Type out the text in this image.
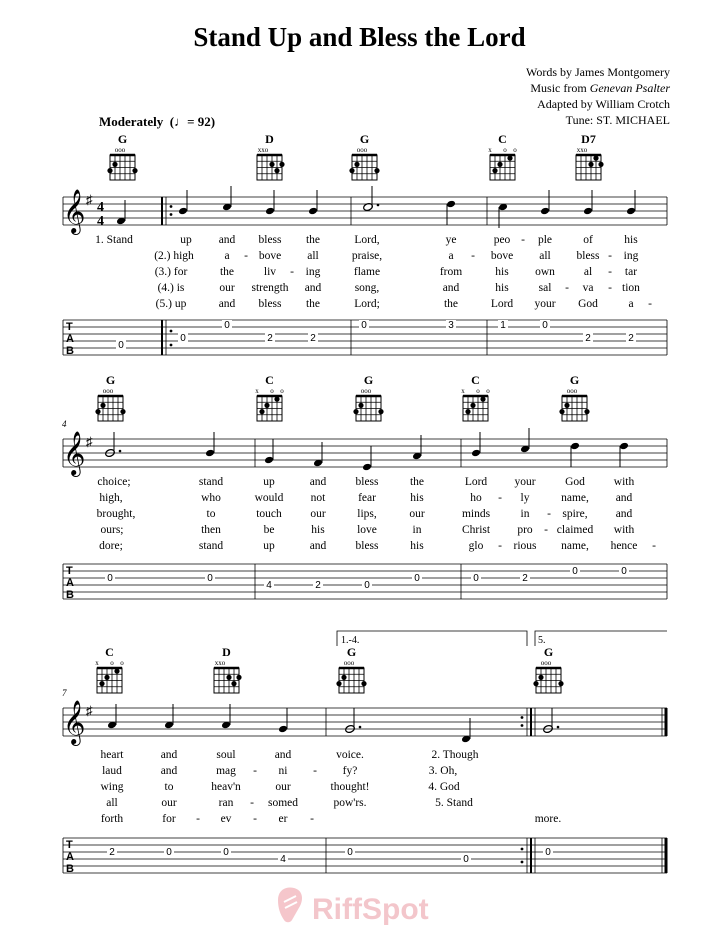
Stand Up and Bless the Lord
Words by James Montgomery
Music from Genevan Psalter
Adapted by William Crotch
Tune: ST. MICHAEL
Moderately  (♩= 92)
G
ooo
D
xxo
G
ooo
C
x o o
D7
xxo
𝄞 ♯
4
4
1. Stand	up and bless the	Lord,	ye	peo - ple	of	his
(2.) high	a - bove all	praise,	a - bove all bless - ing
(3.) for	the	liv - ing	flame	from	his own	al - tar
(4.) is	our strength and	song,	and	his	sal - va - tion
(5.) up	and bless the	Lord;	the	Lord your God	a -
T
A
B	0
0
0
2	2
0	3	1	0
2	2
G
ooo
C
x o o
G
ooo
C
x o o
G
ooo
4
𝄞 ♯
choice;	stand	up	and	bless	the	Lord your	God	with
high,	who	would not	fear	his	ho - ly	name, and
brought,	to	touch our	lips,	our	minds	in - spire, and
ours;	then	be	his	love	in	Christ pro - claimed with
dore;	stand	up	and	bless	his	glo - rious name, hence -
T
A
B
0	0
4	2	0
0	0	2
0	0
1.-4.	5.
C
x o o
D
xxo
G
ooo
G
ooo
7
𝄞 ♯
heart	and	soul	and	voice.	2. Though
laud	and	mag - ni - fy?	3. Oh,
wing	to	heav'n	our	thought!	4. God
all	our	ran - somed	pow'rs.	5. Stand
forth	for - ev - er -	more.
T
A
B
2	0	0
4
0
0
0
RiffSpot
